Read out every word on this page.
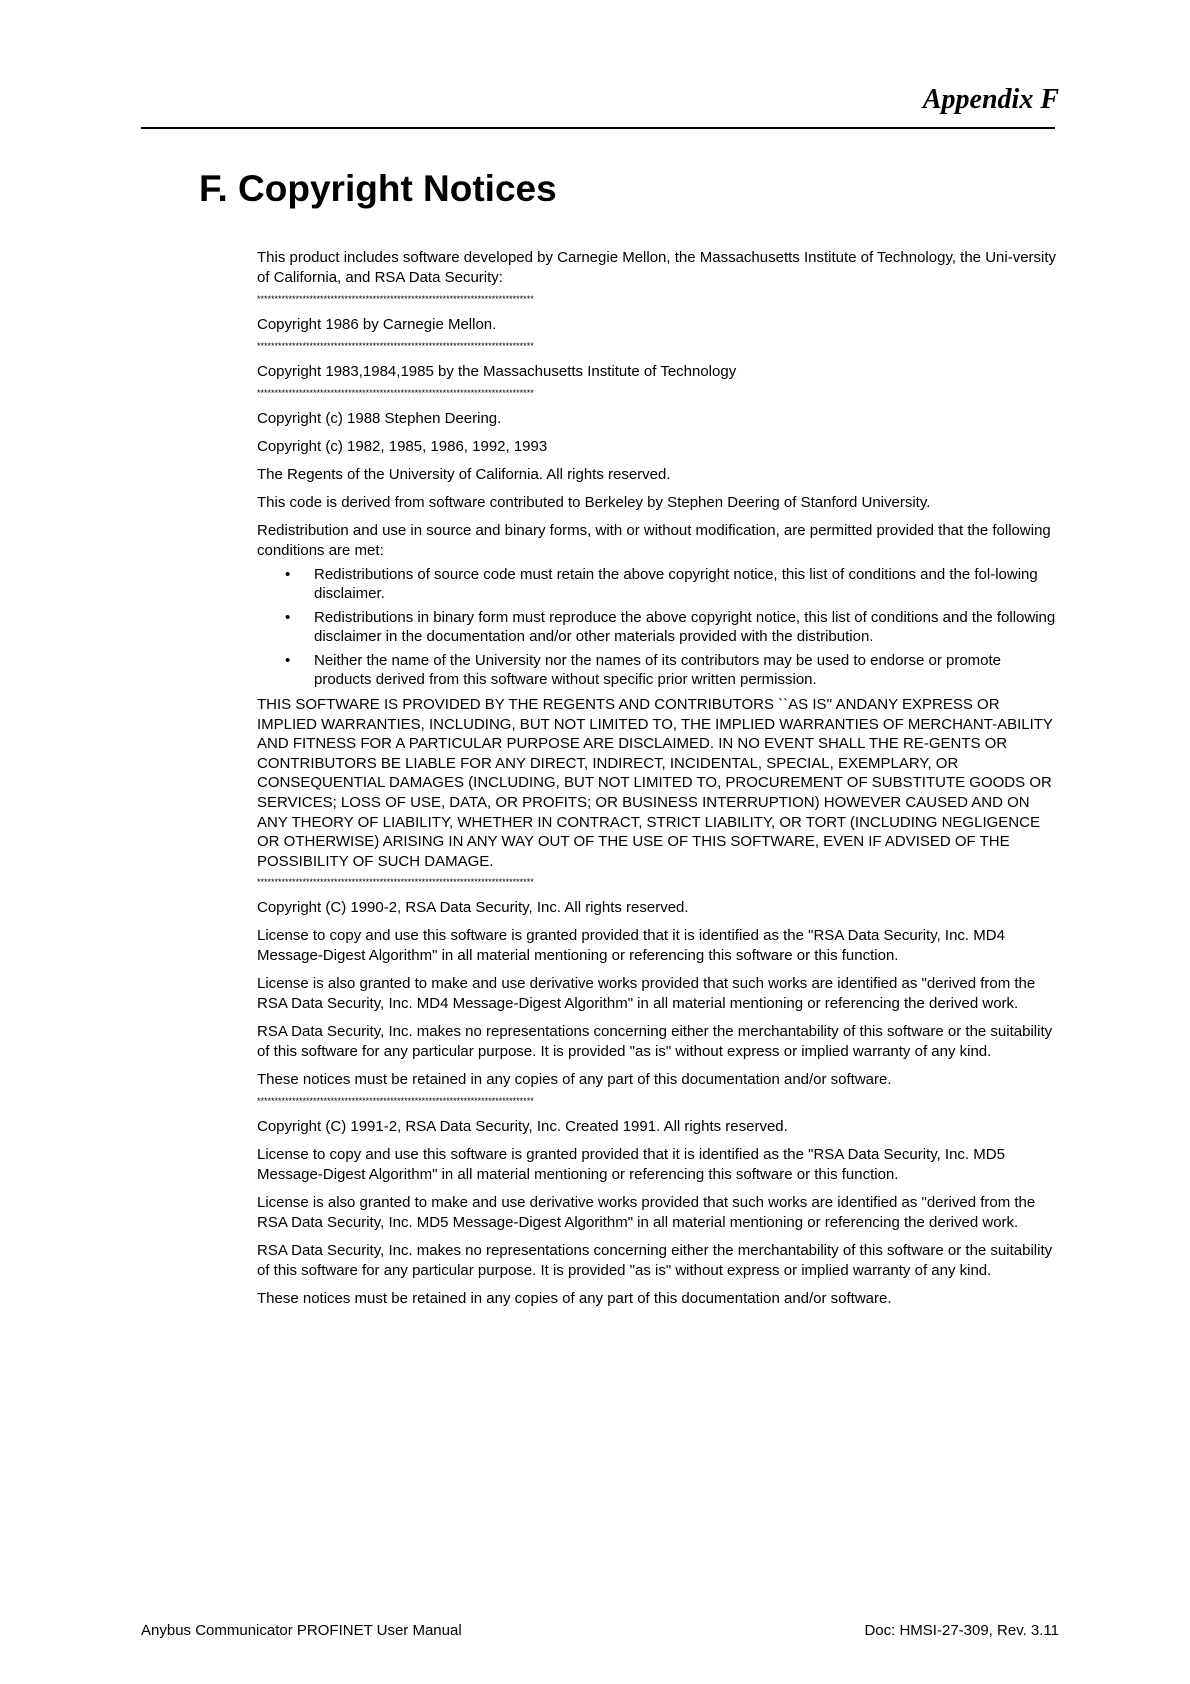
Appendix F
F. Copyright Notices

This product includes software developed by Carnegie Mellon, the Massachusetts Institute of Technology, the Uni-versity of California, and RSA Data Security:

*******************************************************************************

Copyright 1986 by Carnegie Mellon.

*******************************************************************************

Copyright 1983,1984,1985 by the Massachusetts Institute of Technology

*******************************************************************************

Copyright (c) 1988 Stephen Deering.

Copyright (c) 1982, 1985, 1986, 1992, 1993

The Regents of the University of California. All rights reserved.

This code is derived from software contributed to Berkeley by Stephen Deering of Stanford University.

Redistribution and use in source and binary forms, with or without modification, are permitted provided that the following conditions are met:

• Redistributions of source code must retain the above copyright notice, this list of conditions and the fol-lowing disclaimer.
• Redistributions in binary form must reproduce the above copyright notice, this list of conditions and the following disclaimer in the documentation and/or other materials provided with the distribution.
• Neither the name of the University nor the names of its contributors may be used to endorse or promote products derived from this software without specific prior written permission.

THIS SOFTWARE IS PROVIDED BY THE REGENTS AND CONTRIBUTORS ``AS IS'' ANDANY EXPRESS OR IMPLIED WARRANTIES, INCLUDING, BUT NOT LIMITED TO, THE IMPLIED WARRANTIES OF MERCHANT-ABILITY AND FITNESS FOR A PARTICULAR PURPOSE ARE DISCLAIMED. IN NO EVENT SHALL THE RE-GENTS OR CONTRIBUTORS BE LIABLE FOR ANY DIRECT, INDIRECT, INCIDENTAL, SPECIAL, EXEMPLARY, OR CONSEQUENTIAL DAMAGES (INCLUDING, BUT NOT LIMITED TO, PROCUREMENT OF SUBSTITUTE GOODS OR SERVICES; LOSS OF USE, DATA, OR PROFITS; OR BUSINESS INTERRUPTION) HOWEVER CAUSED AND ON ANY THEORY OF LIABILITY, WHETHER IN CONTRACT, STRICT LIABILITY, OR TORT (INCLUDING NEGLIGENCE OR OTHERWISE) ARISING IN ANY WAY OUT OF THE USE OF THIS SOFTWARE, EVEN IF ADVISED OF THE POSSIBILITY OF SUCH DAMAGE.

*******************************************************************************

Copyright (C) 1990-2, RSA Data Security, Inc. All rights reserved.

License to copy and use this software is granted provided that it is identified as the "RSA Data Security, Inc. MD4 Message-Digest Algorithm" in all material mentioning or referencing this software or this function.

License is also granted to make and use derivative works provided that such works are identified as "derived from the RSA Data Security, Inc. MD4 Message-Digest Algorithm" in all material mentioning or referencing the derived work.

RSA Data Security, Inc. makes no representations concerning either the merchantability of this software or the suitability of this software for any particular purpose. It is provided "as is" without express or implied warranty of any kind.

These notices must be retained in any copies of any part of this documentation and/or software.

*******************************************************************************

Copyright (C) 1991-2, RSA Data Security, Inc. Created 1991. All rights reserved.

License to copy and use this software is granted provided that it is identified as the "RSA Data Security, Inc. MD5 Message-Digest Algorithm" in all material mentioning or referencing this software or this function.

License is also granted to make and use derivative works provided that such works are identified as "derived from the RSA Data Security, Inc. MD5 Message-Digest Algorithm" in all material mentioning or referencing the derived work.

RSA Data Security, Inc. makes no representations concerning either the merchantability of this software or the suitability of this software for any particular purpose. It is provided "as is" without express or implied warranty of any kind.

These notices must be retained in any copies of any part of this documentation and/or software.

Anybus Communicator PROFINET User Manual	Doc: HMSI-27-309, Rev. 3.11
